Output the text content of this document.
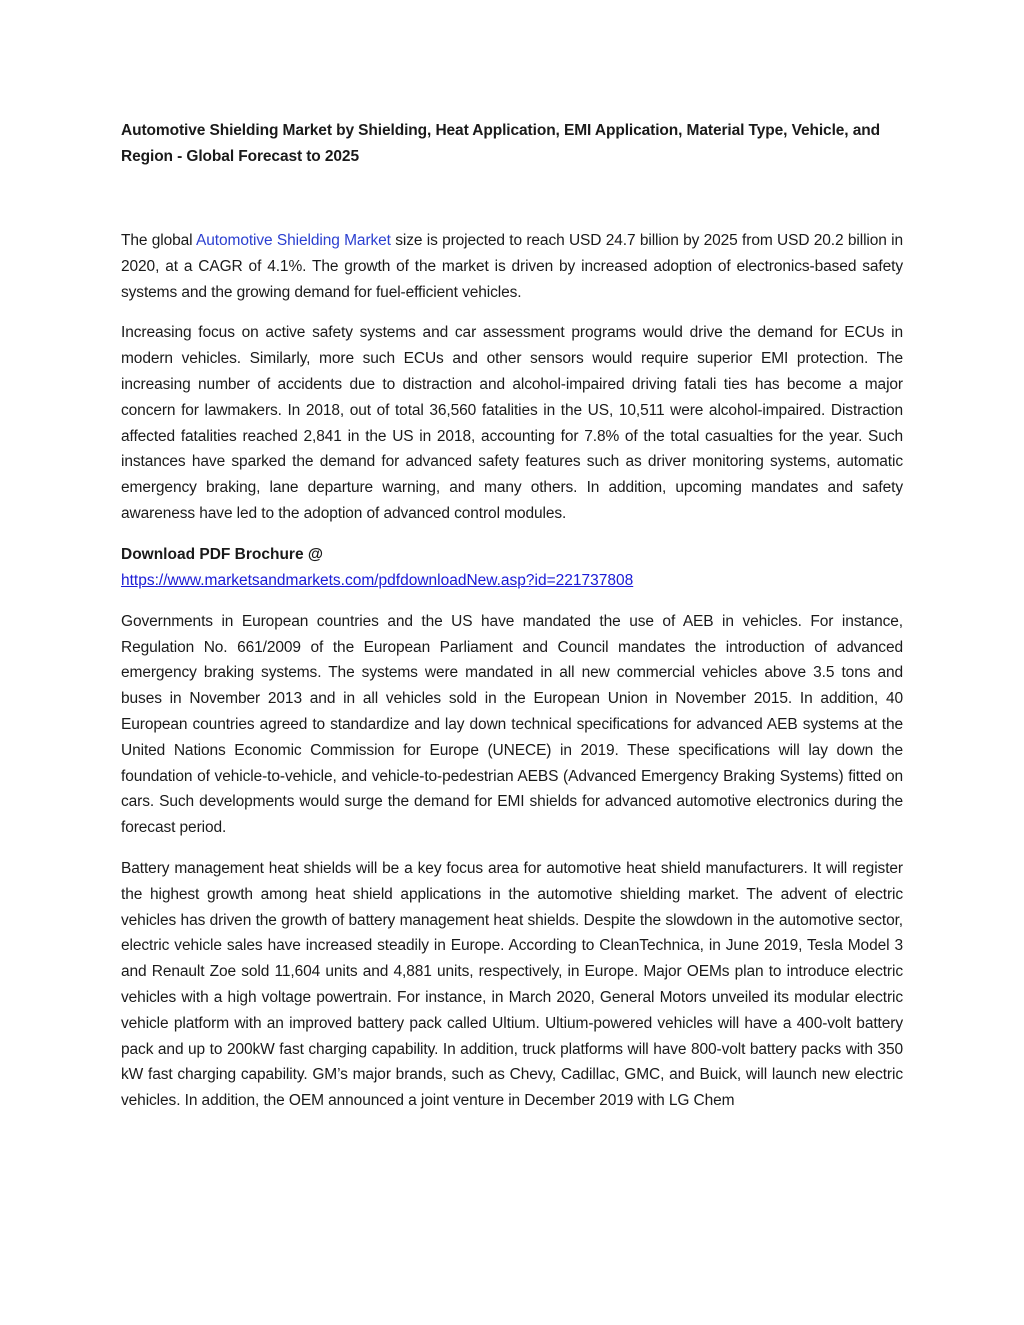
Automotive Shielding Market by Shielding, Heat Application, EMI Application, Material Type, Vehicle, and Region - Global Forecast to 2025

The global Automotive Shielding Market size is projected to reach USD 24.7 billion by 2025 from USD 20.2 billion in 2020, at a CAGR of 4.1%. The growth of the market is driven by increased adoption of electronics-based safety systems and the growing demand for fuel-efficient vehicles.

Increasing focus on active safety systems and car assessment programs would drive the demand for ECUs in modern vehicles. Similarly, more such ECUs and other sensors would require superior EMI protection. The increasing number of accidents due to distraction and alcohol-impaired driving fatali ties has become a major concern for lawmakers. In 2018, out of total 36,560 fatalities in the US, 10,511 were alcohol-impaired. Distraction affected fatalities reached 2,841 in the US in 2018, accounting for 7.8% of the total casualties for the year. Such instances have sparked the demand for advanced safety features such as driver monitoring systems, automatic emergency braking, lane departure warning, and many others. In addition, upcoming mandates and safety awareness have led to the adoption of advanced control modules.

Download PDF Brochure @

https://www.marketsandmarkets.com/pdfdownloadNew.asp?id=221737808

Governments in European countries and the US have mandated the use of AEB in vehicles. For instance, Regulation No. 661/2009 of the European Parliament and Council mandates the introduction of advanced emergency braking systems. The systems were mandated in all new commercial vehicles above 3.5 tons and buses in November 2013 and in all vehicles sold in the European Union in November 2015. In addition, 40 European countries agreed to standardize and lay down technical specifications for advanced AEB systems at the United Nations Economic Commission for Europe (UNECE) in 2019. These specifications will lay down the foundation of vehicle-to-vehicle, and vehicle-to-pedestrian AEBS (Advanced Emergency Braking Systems) fitted on cars. Such developments would surge the demand for EMI shields for advanced automotive electronics during the forecast period.

Battery management heat shields will be a key focus area for automotive heat shield manufacturers. It will register the highest growth among heat shield applications in the automotive shielding market. The advent of electric vehicles has driven the growth of battery management heat shields. Despite the slowdown in the automotive sector, electric vehicle sales have increased steadily in Europe. According to CleanTechnica, in June 2019, Tesla Model 3 and Renault Zoe sold 11,604 units and 4,881 units, respectively, in Europe. Major OEMs plan to introduce electric vehicles with a high voltage powertrain. For instance, in March 2020, General Motors unveiled its modular electric vehicle platform with an improved battery pack called Ultium. Ultium-powered vehicles will have a 400-volt battery pack and up to 200kW fast charging capability. In addition, truck platforms will have 800-volt battery packs with 350 kW fast charging capability. GM’s major brands, such as Chevy, Cadillac, GMC, and Buick, will launch new electric vehicles. In addition, the OEM announced a joint venture in December 2019 with LG Chem
